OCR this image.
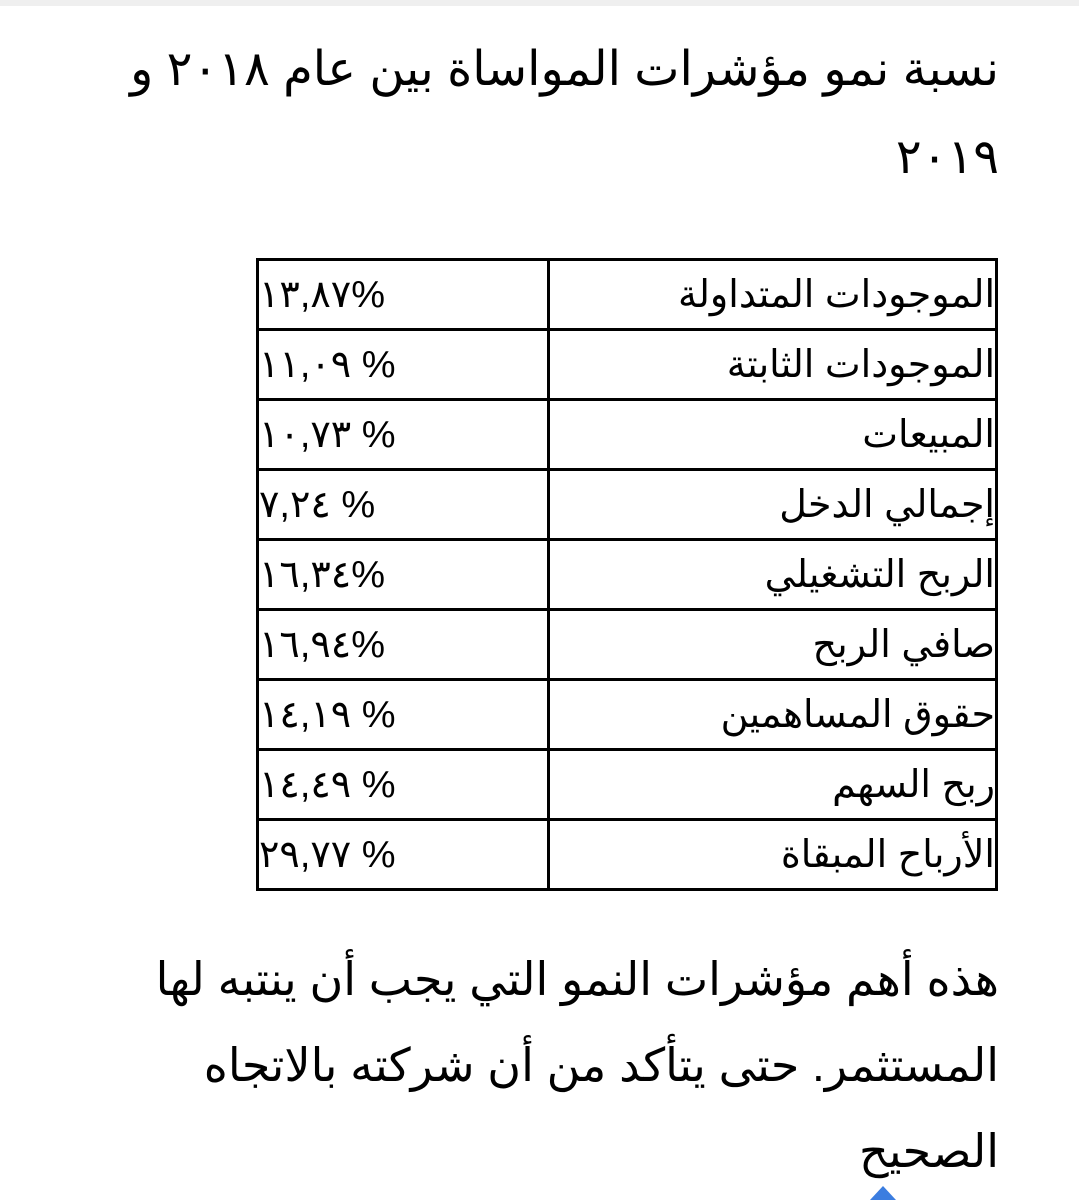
نسبة نمو مؤشرات المواساة بين عام ٢٠١٨ و ٢٠١٩
الموجودات المتداولة	%١٣,٨٧
الموجودات الثابتة	% ١١,٠٩
المبيعات	% ١٠,٧٣
إجمالي الدخل	% ٧,٢٤
الربح التشغيلي	%١٦,٣٤
صافي الربح	%١٦,٩٤
حقوق المساهمين	% ١٤,١٩
ربح السهم	% ١٤,٤٩
الأرباح المبقاة	% ٢٩,٧٧

هذه أهم مؤشرات النمو التي يجب أن ينتبه لها المستثمر. حتى يتأكد من أن شركته بالاتجاه الصحيح
